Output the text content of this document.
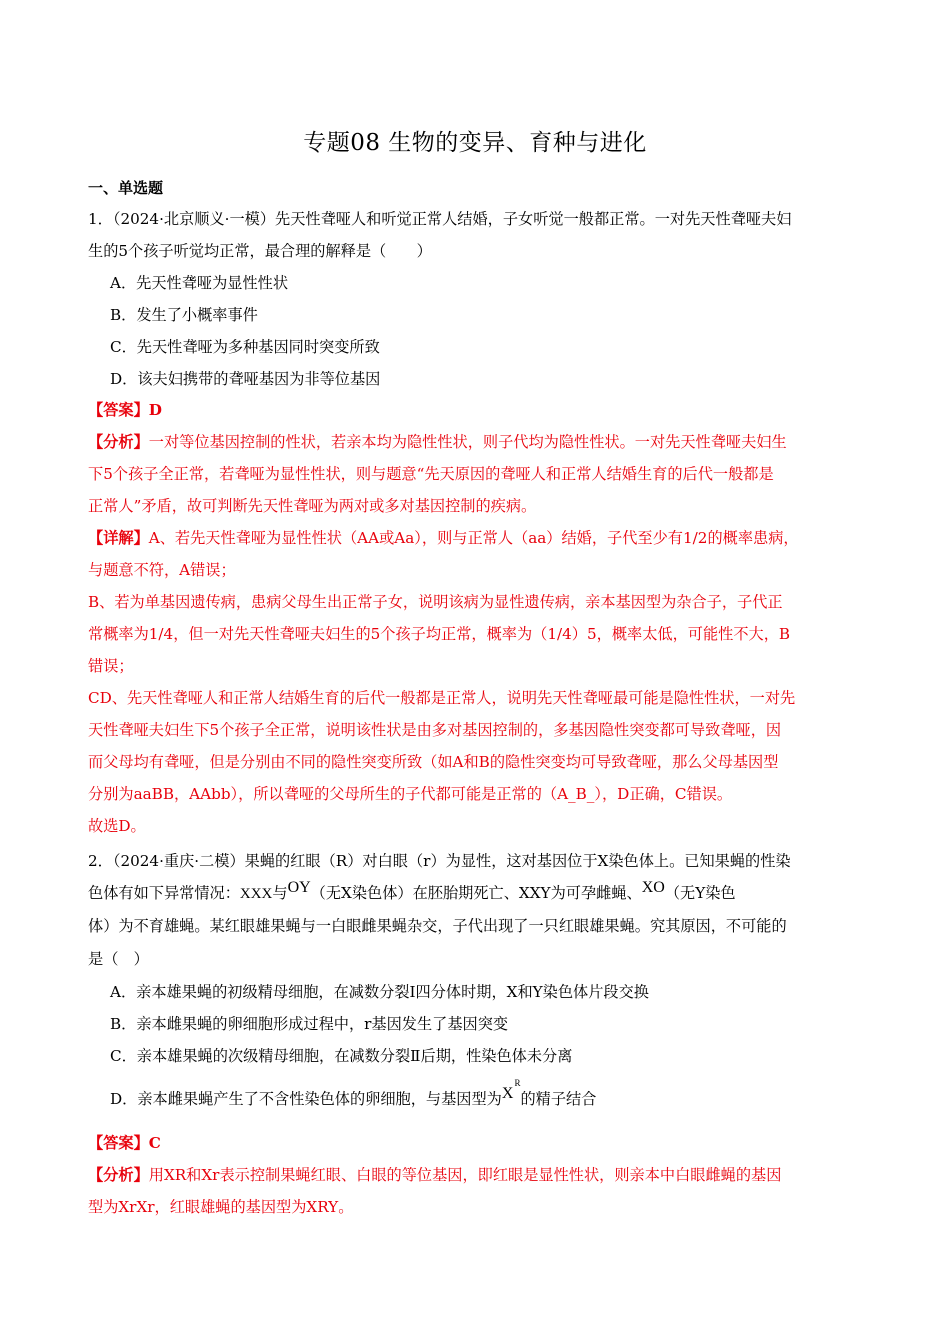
专题08 生物的变异、育种与进化
一、单选题
1．（2024·北京顺义·一模）先天性聋哑人和听觉正常人结婚，子女听觉一般都正常。一对先天性聋哑夫妇
生的5个孩子听觉均正常，最合理的解释是（　　）
A．先天性聋哑为显性性状
B．发生了小概率事件
C．先天性聋哑为多种基因同时突变所致
D．该夫妇携带的聋哑基因为非等位基因
【答案】D
【分析】一对等位基因控制的性状，若亲本均为隐性性状，则子代均为隐性性状。一对先天性聋哑夫妇生
下5个孩子全正常，若聋哑为显性性状，则与题意“先天原因的聋哑人和正常人结婚生育的后代一般都是
正常人”矛盾，故可判断先天性聋哑为两对或多对基因控制的疾病。
【详解】A、若先天性聋哑为显性性状（AA或Aa），则与正常人（aa）结婚，子代至少有1/2的概率患病，
与题意不符，A错误；
B、若为单基因遗传病，患病父母生出正常子女，说明该病为显性遗传病，亲本基因型为杂合子，子代正
常概率为1/4，但一对先天性聋哑夫妇生的5个孩子均正常，概率为（1/4）5，概率太低，可能性不大，B
错误；
CD、先天性聋哑人和正常人结婚生育的后代一般都是正常人，说明先天性聋哑最可能是隐性性状，一对先
天性聋哑夫妇生下5个孩子全正常，说明该性状是由多对基因控制的，多基因隐性突变都可导致聋哑，因
而父母均有聋哑，但是分别由不同的隐性突变所致（如A和B的隐性突变均可导致聋哑，那么父母基因型
分别为aaBB，AAbb），所以聋哑的父母所生的子代都可能是正常的（A_B_），D正确，C错误。
故选D。
2．（2024·重庆·二模）果蝇的红眼（R）对白眼（r）为显性，这对基因位于X染色体上。已知果蝇的性染
色体有如下异常情况：XXX与OY（无X染色体）在胚胎期死亡、XXY为可孕雌蝇、XO（无Y染色
体）为不育雄蝇。某红眼雄果蝇与一白眼雌果蝇杂交，子代出现了一只红眼雄果蝇。究其原因，不可能的
是（　）
A．亲本雄果蝇的初级精母细胞，在减数分裂Ⅰ四分体时期，X和Y染色体片段交换
B．亲本雌果蝇的卵细胞形成过程中，r基因发生了基因突变
C．亲本雄果蝇的次级精母细胞，在减数分裂Ⅱ后期，性染色体未分离
D．亲本雌果蝇产生了不含性染色体的卵细胞，与基因型为$X^R$的精子结合
【答案】C
【分析】用XR和Xr表示控制果蝇红眼、白眼的等位基因，即红眼是显性性状，则亲本中白眼雌蝇的基因
型为XrXr，红眼雄蝇的基因型为XRY。
